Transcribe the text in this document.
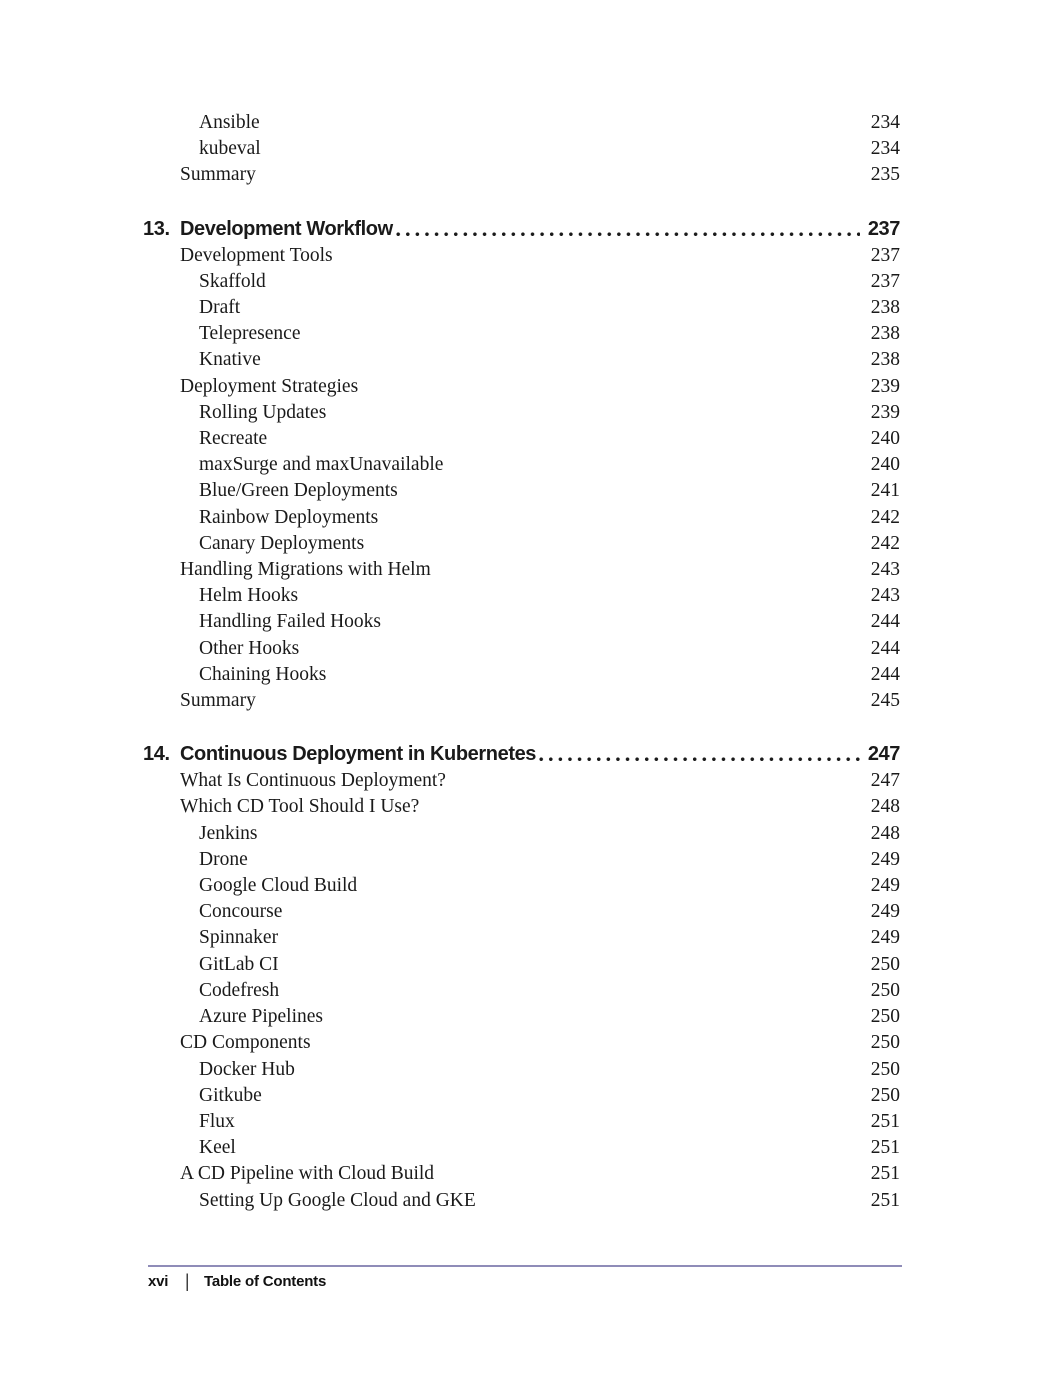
Ansible	234
kubeval	234
Summary	235
13. Development Workflow	237
Development Tools	237
Skaffold	237
Draft	238
Telepresence	238
Knative	238
Deployment Strategies	239
Rolling Updates	239
Recreate	240
maxSurge and maxUnavailable	240
Blue/Green Deployments	241
Rainbow Deployments	242
Canary Deployments	242
Handling Migrations with Helm	243
Helm Hooks	243
Handling Failed Hooks	244
Other Hooks	244
Chaining Hooks	244
Summary	245
14. Continuous Deployment in Kubernetes	247
What Is Continuous Deployment?	247
Which CD Tool Should I Use?	248
Jenkins	248
Drone	249
Google Cloud Build	249
Concourse	249
Spinnaker	249
GitLab CI	250
Codefresh	250
Azure Pipelines	250
CD Components	250
Docker Hub	250
Gitkube	250
Flux	251
Keel	251
A CD Pipeline with Cloud Build	251
Setting Up Google Cloud and GKE	251
xvi | Table of Contents
